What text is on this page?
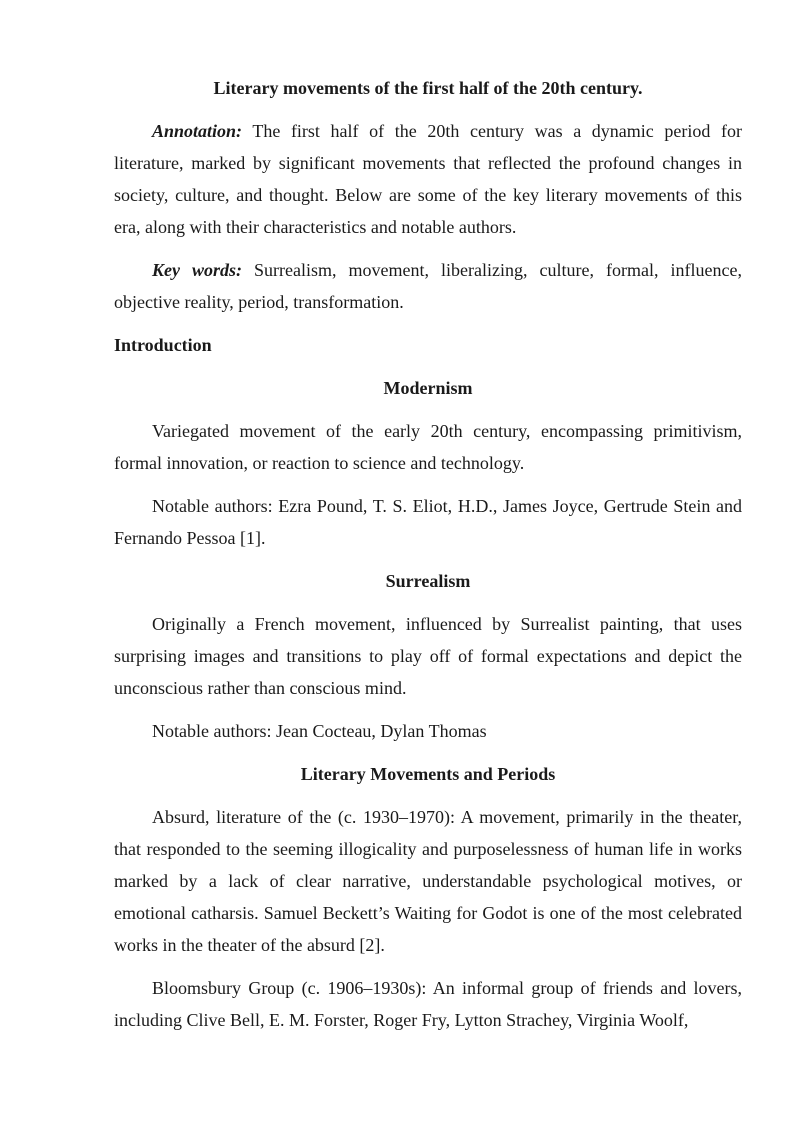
Literary movements of the first half of the 20th century.

Annotation: The first half of the 20th century was a dynamic period for literature, marked by significant movements that reflected the profound changes in society, culture, and thought. Below are some of the key literary movements of this era, along with their characteristics and notable authors.

Key words: Surrealism, movement, liberalizing, culture, formal, influence, objective reality, period, transformation.

Introduction
Modernism

Variegated movement of the early 20th century, encompassing primitivism, formal innovation, or reaction to science and technology.

Notable authors: Ezra Pound, T. S. Eliot, H.D., James Joyce, Gertrude Stein and Fernando Pessoa [1].

Surrealism

Originally a French movement, influenced by Surrealist painting, that uses surprising images and transitions to play off of formal expectations and depict the unconscious rather than conscious mind.

Notable authors: Jean Cocteau, Dylan Thomas

Literary Movements and Periods

Absurd, literature of the (c. 1930–1970): A movement, primarily in the theater, that responded to the seeming illogicality and purposelessness of human life in works marked by a lack of clear narrative, understandable psychological motives, or emotional catharsis. Samuel Beckett’s Waiting for Godot is one of the most celebrated works in the theater of the absurd [2].

Bloomsbury Group (c. 1906–1930s): An informal group of friends and lovers, including Clive Bell, E. M. Forster, Roger Fry, Lytton Strachey, Virginia Woolf,
